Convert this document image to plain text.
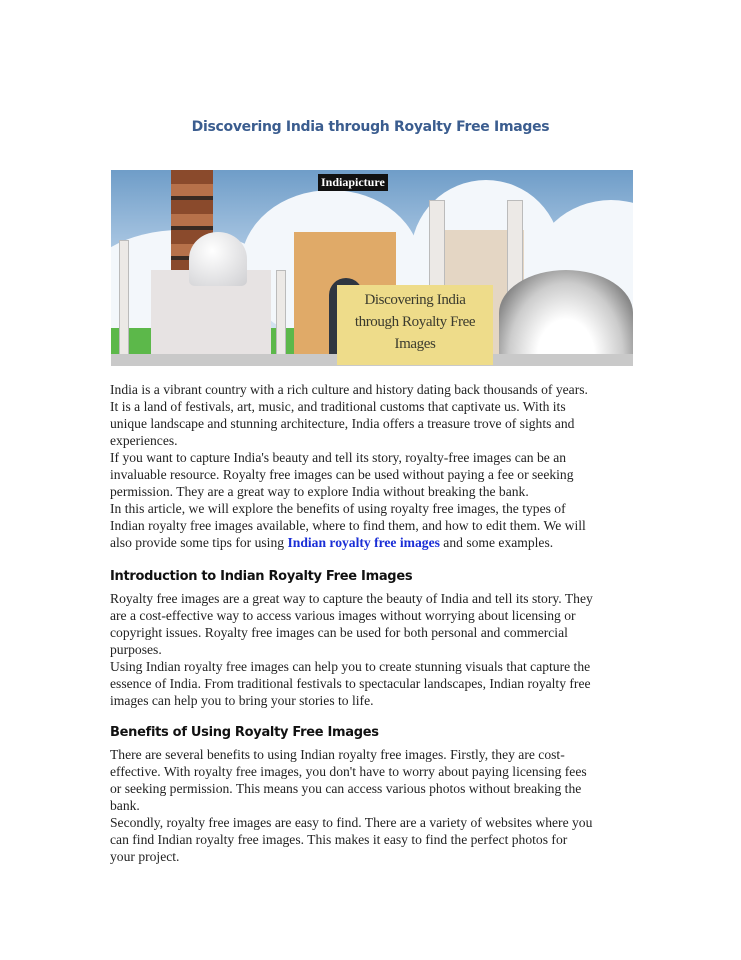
Discovering India through Royalty Free Images
Indiapicture
Discovering India
through Royalty Free
Images
India is a vibrant country with a rich culture and history dating back thousands of years.
It is a land of festivals, art, music, and traditional customs that captivate us. With its
unique landscape and stunning architecture, India offers a treasure trove of sights and
experiences.
If you want to capture India's beauty and tell its story, royalty-free images can be an
invaluable resource. Royalty free images can be used without paying a fee or seeking
permission. They are a great way to explore India without breaking the bank.
In this article, we will explore the benefits of using royalty free images, the types of
Indian royalty free images available, where to find them, and how to edit them. We will
also provide some tips for using Indian royalty free images and some examples.
Introduction to Indian Royalty Free Images
Royalty free images are a great way to capture the beauty of India and tell its story. They
are a cost-effective way to access various images without worrying about licensing or
copyright issues. Royalty free images can be used for both personal and commercial
purposes.
Using Indian royalty free images can help you to create stunning visuals that capture the
essence of India. From traditional festivals to spectacular landscapes, Indian royalty free
images can help you to bring your stories to life.
Benefits of Using Royalty Free Images
There are several benefits to using Indian royalty free images. Firstly, they are cost-
effective. With royalty free images, you don't have to worry about paying licensing fees
or seeking permission. This means you can access various photos without breaking the
bank.
Secondly, royalty free images are easy to find. There are a variety of websites where you
can find Indian royalty free images. This makes it easy to find the perfect photos for
your project.
